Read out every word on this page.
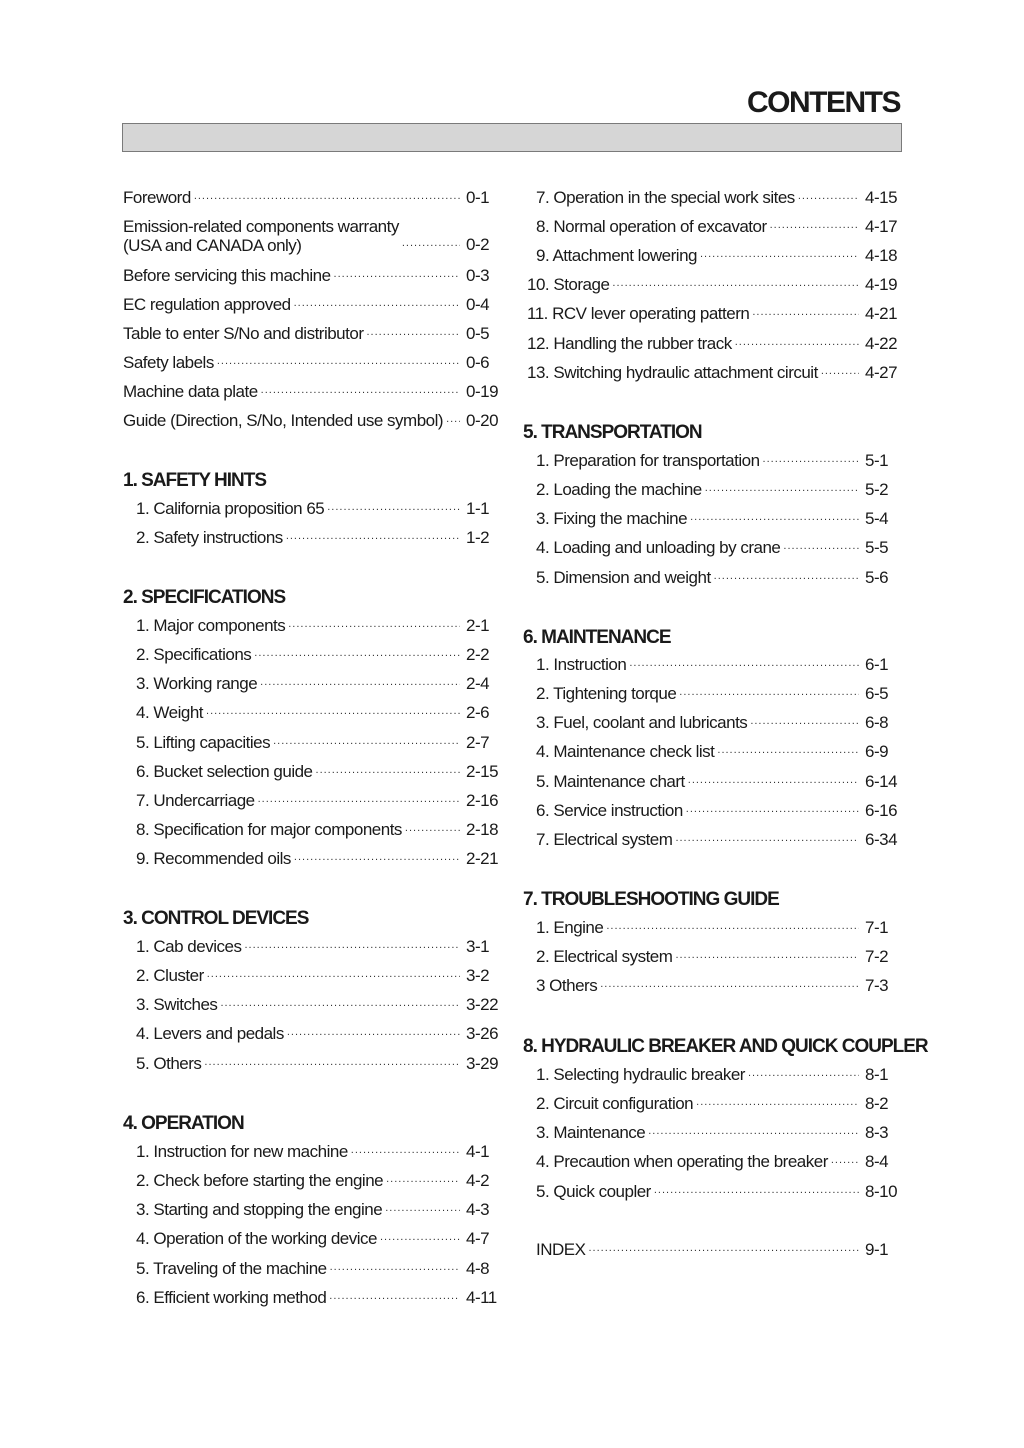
CONTENTS
Foreword .....	0-1
Emission-related components warranty
(USA and CANADA only) .....	0-2
Before servicing this machine .....	0-3
EC regulation approved .....	0-4
Table to enter S/No and distributor .....	0-5
Safety labels .....	0-6
Machine data plate .....	0-19
Guide (Direction, S/No, Intended use symbol) ..... 0-20
1. SAFETY HINTS
1. California proposition 65 .....	1-1
2. Safety instructions .....	1-2
2. SPECIFICATIONS
1. Major components .....	2-1
2. Specifications .....	2-2
3. Working range .....	2-4
4. Weight .....	2-6
5. Lifting capacities .....	2-7
6. Bucket selection guide .....	2-15
7. Undercarriage .....	2-16
8. Specification for major components .....	2-18
9. Recommended oils .....	2-21
3. CONTROL DEVICES
1. Cab devices .....	3-1
2. Cluster .....	3-2
3. Switches .....	3-22
4. Levers and pedals .....	3-26
5. Others .....	3-29
4. OPERATION
1. Instruction for new machine .....	4-1
2. Check before starting the engine .....	4-2
3. Starting and stopping the engine .....	4-3
4. Operation of the working device .....	4-7
5. Traveling of the machine .....	4-8
6. Efficient working method .....	4-11
7. Operation in the special work sites .....	4-15
8. Normal operation of excavator .....	4-17
9. Attachment lowering .....	4-18
10. Storage .....	4-19
11. RCV lever operating pattern .....	4-21
12. Handling the rubber track .....	4-22
13. Switching hydraulic attachment circuit .....	4-27
5. TRANSPORTATION
1. Preparation for transportation .....	5-1
2. Loading the machine .....	5-2
3. Fixing the machine .....	5-4
4. Loading and unloading by crane .....	5-5
5. Dimension and weight .....	5-6
6. MAINTENANCE
1. Instruction .....	6-1
2. Tightening torque .....	6-5
3. Fuel, coolant and lubricants .....	6-8
4. Maintenance check list .....	6-9
5. Maintenance chart .....	6-14
6. Service instruction .....	6-16
7. Electrical system .....	6-34
7. TROUBLESHOOTING GUIDE
1. Engine .....	7-1
2. Electrical system .....	7-2
3 Others .....	7-3
8. HYDRAULIC BREAKER AND QUICK COUPLER
1. Selecting hydraulic breaker .....	8-1
2. Circuit configuration .....	8-2
3. Maintenance .....	8-3
4. Precaution when operating the breaker ..... 8-4
5. Quick coupler .....	8-10
INDEX .....	9-1
